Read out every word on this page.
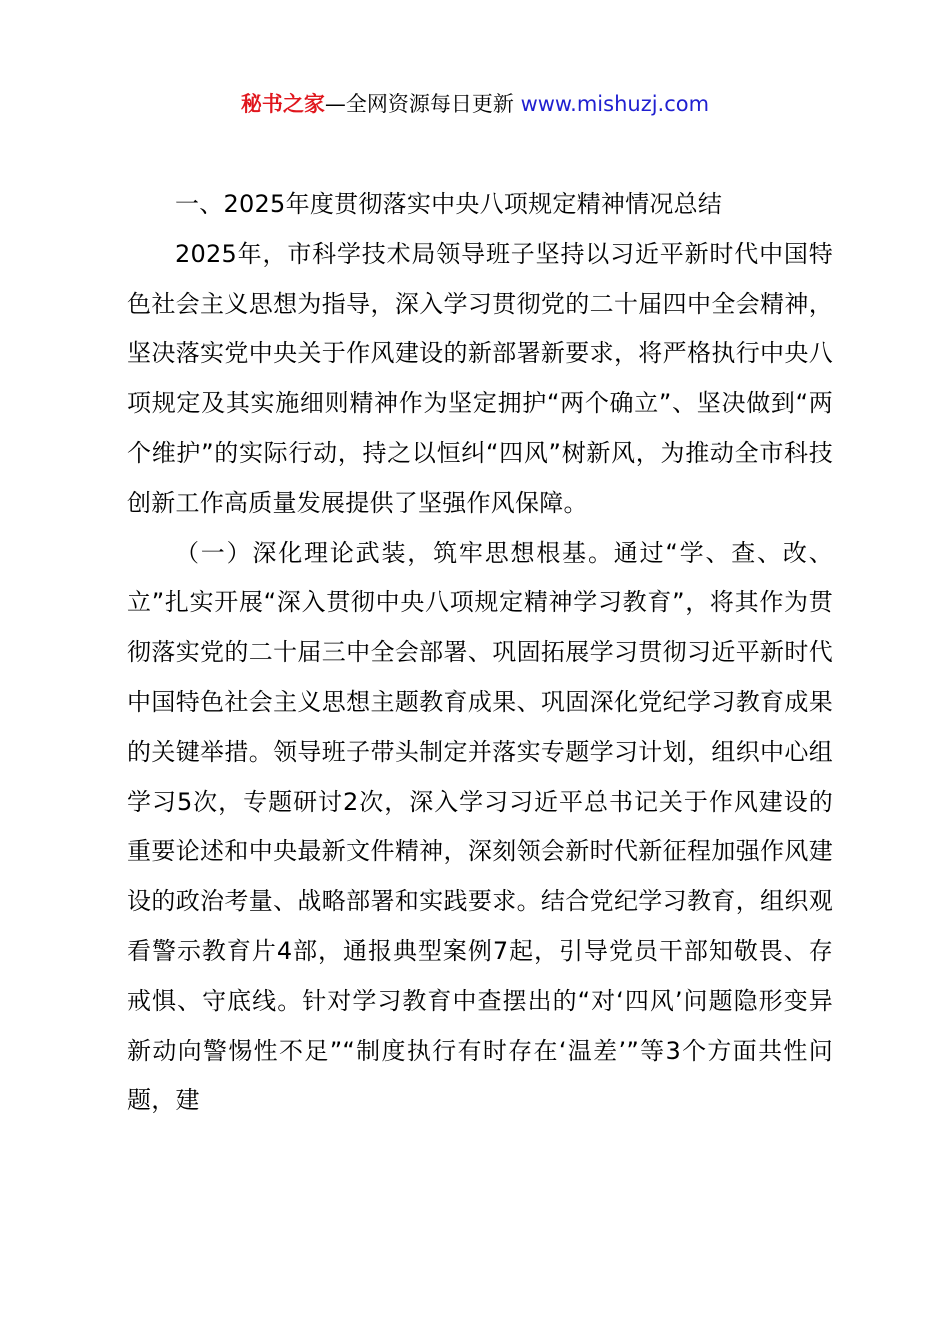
秘书之家—全网资源每日更新 www.mishuzj.com

一、2025年度贯彻落实中央八项规定精神情况总结

2025年，市科学技术局领导班子坚持以习近平新时代中国特色社会主义思想为指导，深入学习贯彻党的二十届四中全会精神，坚决落实党中央关于作风建设的新部署新要求，将严格执行中央八项规定及其实施细则精神作为坚定拥护“两个确立”、坚决做到“两个维护”的实际行动，持之以恒纠“四风”树新风，为推动全市科技创新工作高质量发展提供了坚强作风保障。

（一）深化理论武装，筑牢思想根基。通过“学、查、改、立”扎实开展“深入贯彻中央八项规定精神学习教育”，将其作为贯彻落实党的二十届三中全会部署、巩固拓展学习贯彻习近平新时代中国特色社会主义思想主题教育成果、巩固深化党纪学习教育成果的关键举措。领导班子带头制定并落实专题学习计划，组织中心组学习5次，专题研讨2次，深入学习习近平总书记关于作风建设的重要论述和中央最新文件精神，深刻领会新时代新征程加强作风建设的政治考量、战略部署和实践要求。结合党纪学习教育，组织观看警示教育片4部，通报典型案例7起，引导党员干部知敬畏、存戒惧、守底线。针对学习教育中查摆出的“对‘四风’问题隐形变异新动向警惕性不足”“制度执行有时存在‘温差’”等3个方面共性问题，建
